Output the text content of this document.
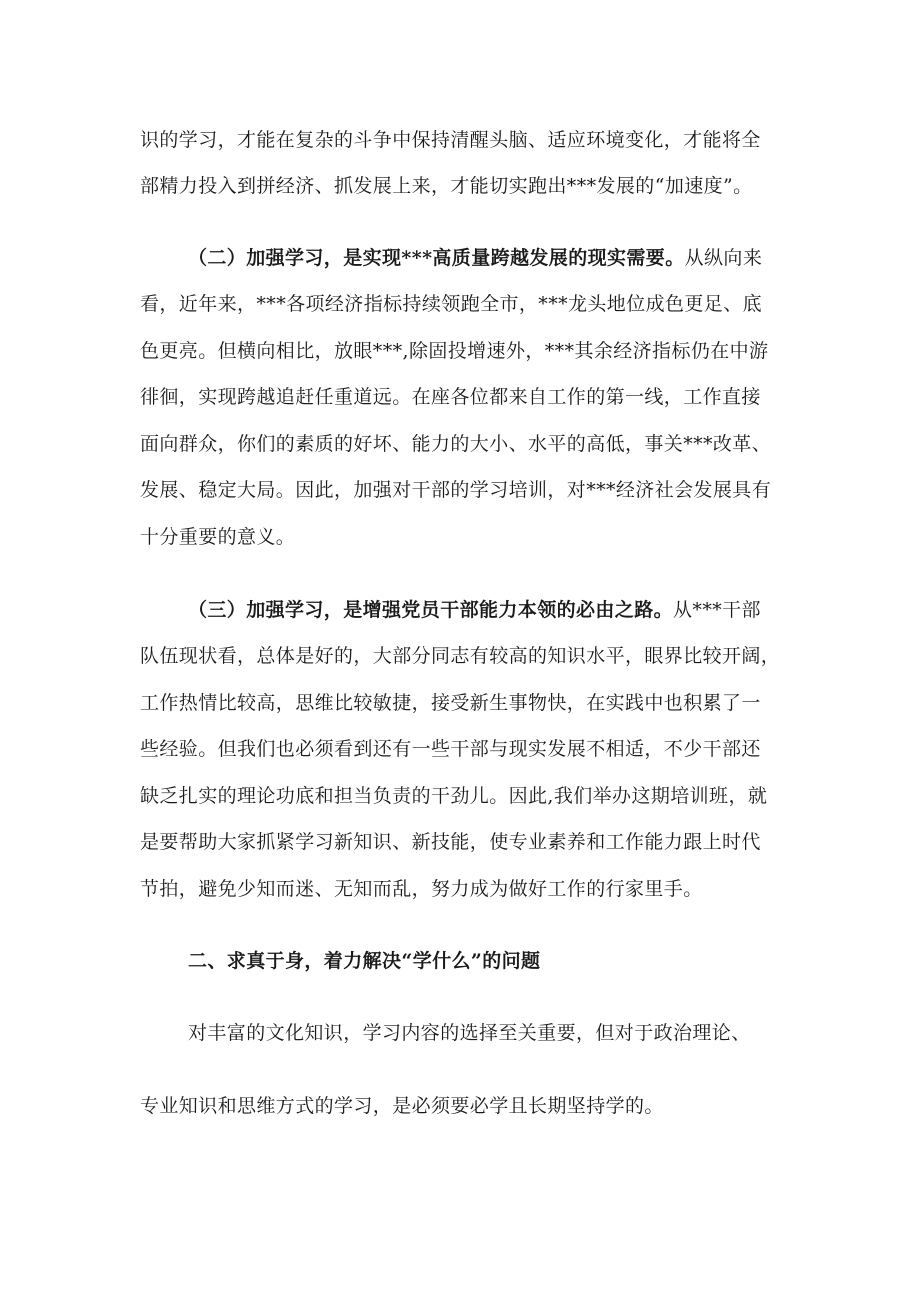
识的学习，才能在复杂的斗争中保持清醒头脑、适应环境变化，才能将全
部精力投入到拼经济、抓发展上来，才能切实跑出***发展的“加速度”。
（二）加强学习，是实现***高质量跨越发展的现实需要。从纵向来
看，近年来，***各项经济指标持续领跑全市，***龙头地位成色更足、底
色更亮。但横向相比，放眼***,除固投增速外，***其余经济指标仍在中游
徘徊，实现跨越追赶任重道远。在座各位都来自工作的第一线，工作直接
面向群众，你们的素质的好坏、能力的大小、水平的高低，事关***改革、
发展、稳定大局。因此，加强对干部的学习培训，对***经济社会发展具有
十分重要的意义。
（三）加强学习，是增强党员干部能力本领的必由之路。从***干部
队伍现状看，总体是好的，大部分同志有较高的知识水平，眼界比较开阔，
工作热情比较高，思维比较敏捷，接受新生事物快，在实践中也积累了一
些经验。但我们也必须看到还有一些干部与现实发展不相适，不少干部还
缺乏扎实的理论功底和担当负责的干劲儿。因此,我们举办这期培训班，就
是要帮助大家抓紧学习新知识、新技能，使专业素养和工作能力跟上时代
节拍，避免少知而迷、无知而乱，努力成为做好工作的行家里手。
二、求真于身，着力解决“学什么”的问题
对丰富的文化知识，学习内容的选择至关重要，但对于政治理论、
专业知识和思维方式的学习，是必须要必学且长期坚持学的。
